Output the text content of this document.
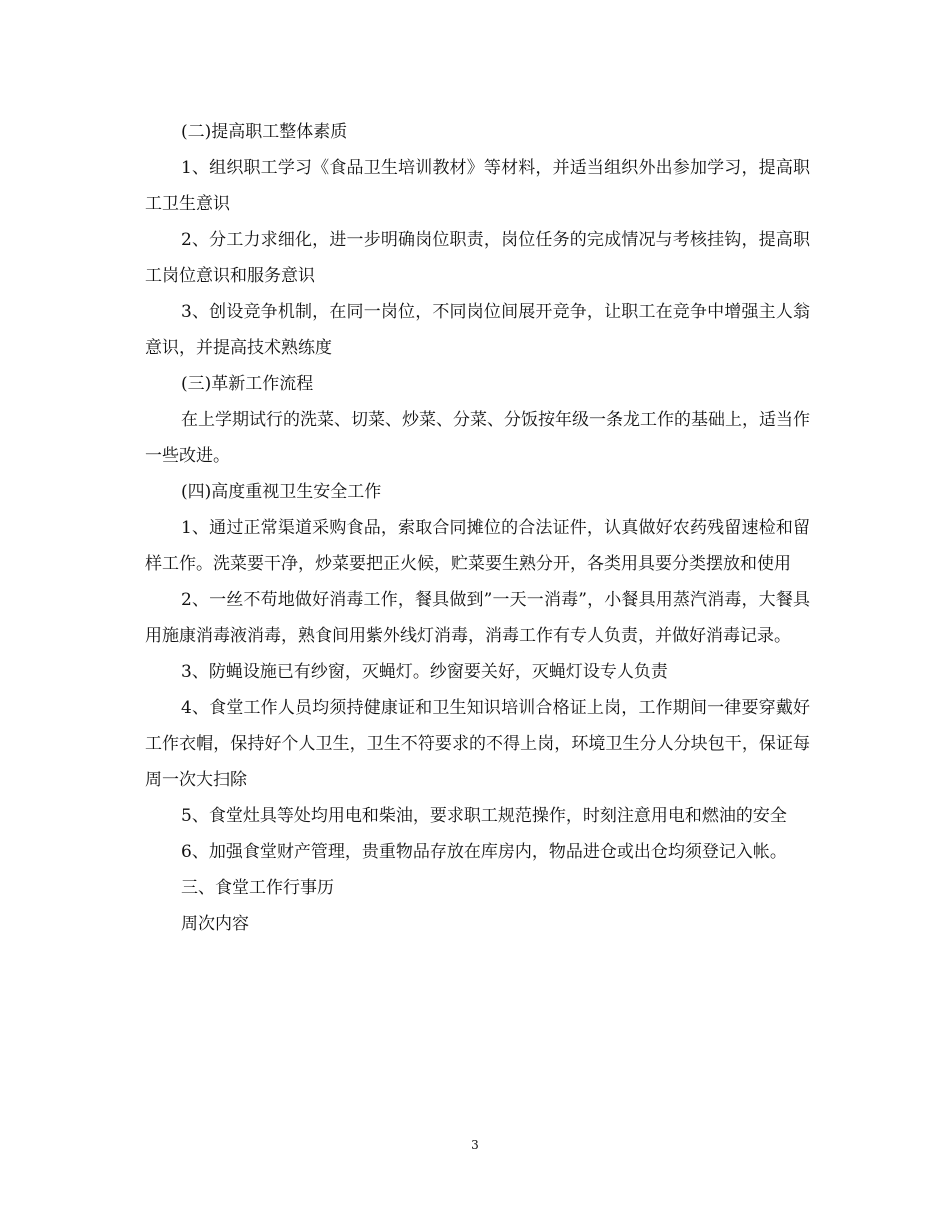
(二)提高职工整体素质

1、组织职工学习《食品卫生培训教材》等材料，并适当组织外出参加学习，提高职工卫生意识

2、分工力求细化，进一步明确岗位职责，岗位任务的完成情况与考核挂钩，提高职工岗位意识和服务意识

3、创设竞争机制，在同一岗位，不同岗位间展开竞争，让职工在竞争中增强主人翁意识，并提高技术熟练度

(三)革新工作流程

在上学期试行的洗菜、切菜、炒菜、分菜、分饭按年级一条龙工作的基础上，适当作一些改进。

(四)高度重视卫生安全工作

1、通过正常渠道采购食品，索取合同摊位的合法证件，认真做好农药残留速检和留样工作。洗菜要干净，炒菜要把正火候，贮菜要生熟分开，各类用具要分类摆放和使用

2、一丝不苟地做好消毒工作，餐具做到”一天一消毒”，小餐具用蒸汽消毒，大餐具用施康消毒液消毒，熟食间用紫外线灯消毒，消毒工作有专人负责，并做好消毒记录。

3、防蝇设施已有纱窗，灭蝇灯。纱窗要关好，灭蝇灯设专人负责

4、食堂工作人员均须持健康证和卫生知识培训合格证上岗，工作期间一律要穿戴好工作衣帽，保持好个人卫生，卫生不符要求的不得上岗，环境卫生分人分块包干，保证每周一次大扫除

5、食堂灶具等处均用电和柴油，要求职工规范操作，时刻注意用电和燃油的安全

6、加强食堂财产管理，贵重物品存放在库房内，物品进仓或出仓均须登记入帐。

三、食堂工作行事历

周次内容

3
